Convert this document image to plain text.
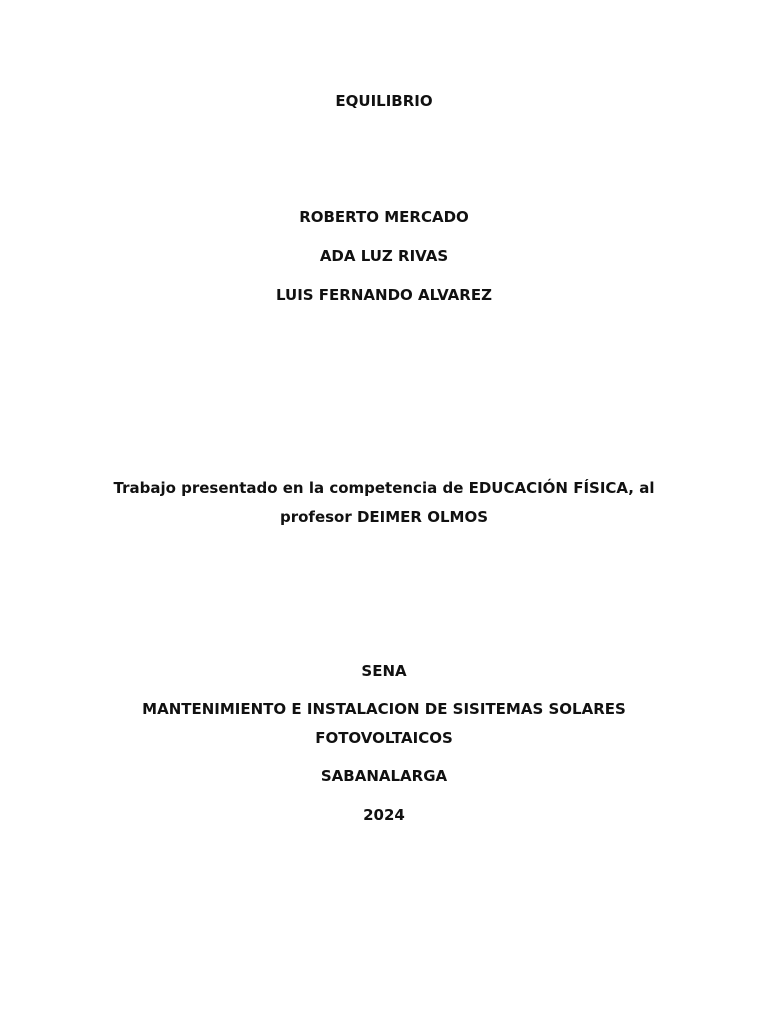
EQUILIBRIO
ROBERTO MERCADO
ADA LUZ RIVAS
LUIS FERNANDO ALVAREZ
Trabajo presentado en la competencia de EDUCACIÓN FÍSICA, al
profesor DEIMER OLMOS
SENA
MANTENIMIENTO E INSTALACION DE SISITEMAS SOLARES
FOTOVOLTAICOS
SABANALARGA
2024
